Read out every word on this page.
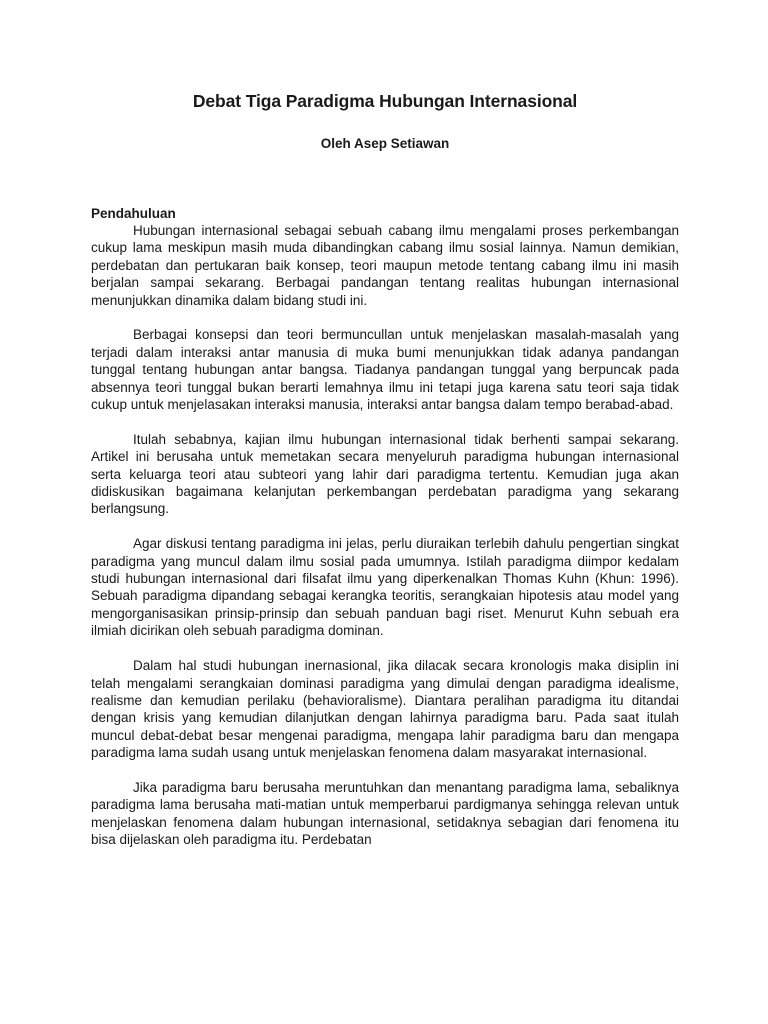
Debat Tiga Paradigma Hubungan Internasional

Oleh Asep Setiawan

Pendahuluan

Hubungan internasional sebagai sebuah cabang ilmu mengalami proses perkembangan cukup lama meskipun masih muda dibandingkan cabang ilmu sosial lainnya. Namun demikian, perdebatan dan pertukaran baik konsep, teori maupun metode tentang cabang ilmu ini masih berjalan sampai sekarang. Berbagai pandangan tentang realitas hubungan internasional menunjukkan dinamika dalam bidang studi ini.

Berbagai konsepsi dan teori bermuncullan untuk menjelaskan masalah-masalah yang terjadi dalam interaksi antar manusia di muka bumi menunjukkan tidak adanya pandangan tunggal tentang hubungan antar bangsa. Tiadanya pandangan tunggal yang berpuncak pada absennya teori tunggal bukan berarti lemahnya ilmu ini tetapi juga karena satu teori saja tidak cukup untuk menjelasakan interaksi manusia, interaksi antar bangsa dalam tempo berabad-abad.

Itulah sebabnya, kajian ilmu hubungan internasional tidak berhenti sampai sekarang. Artikel ini berusaha untuk memetakan secara menyeluruh paradigma hubungan internasional serta keluarga teori atau subteori yang lahir dari paradigma tertentu. Kemudian juga akan didiskusikan bagaimana kelanjutan perkembangan perdebatan paradigma yang sekarang berlangsung.

Agar diskusi tentang paradigma ini jelas, perlu diuraikan terlebih dahulu pengertian singkat paradigma yang muncul dalam ilmu sosial pada umumnya. Istilah paradigma diimpor kedalam studi hubungan internasional dari filsafat ilmu yang diperkenalkan Thomas Kuhn (Khun: 1996). Sebuah paradigma dipandang sebagai kerangka teoritis, serangkaian hipotesis atau model yang mengorganisasikan prinsip-prinsip dan sebuah panduan bagi riset. Menurut Kuhn sebuah era ilmiah dicirikan oleh sebuah paradigma dominan.

Dalam hal studi hubungan inernasional, jika dilacak secara kronologis maka disiplin ini telah mengalami serangkaian dominasi paradigma yang dimulai dengan paradigma idealisme, realisme dan kemudian perilaku (behavioralisme). Diantara peralihan paradigma itu ditandai dengan krisis yang kemudian dilanjutkan dengan lahirnya paradigma baru. Pada saat itulah muncul debat-debat besar mengenai paradigma, mengapa lahir paradigma baru dan mengapa paradigma lama sudah usang untuk menjelaskan fenomena dalam masyarakat internasional.

Jika paradigma baru berusaha meruntuhkan dan menantang paradigma lama, sebaliknya paradigma lama berusaha mati-matian untuk memperbarui pardigmanya sehingga relevan untuk menjelaskan fenomena dalam hubungan internasional, setidaknya sebagian dari fenomena itu bisa dijelaskan oleh paradigma itu. Perdebatan
